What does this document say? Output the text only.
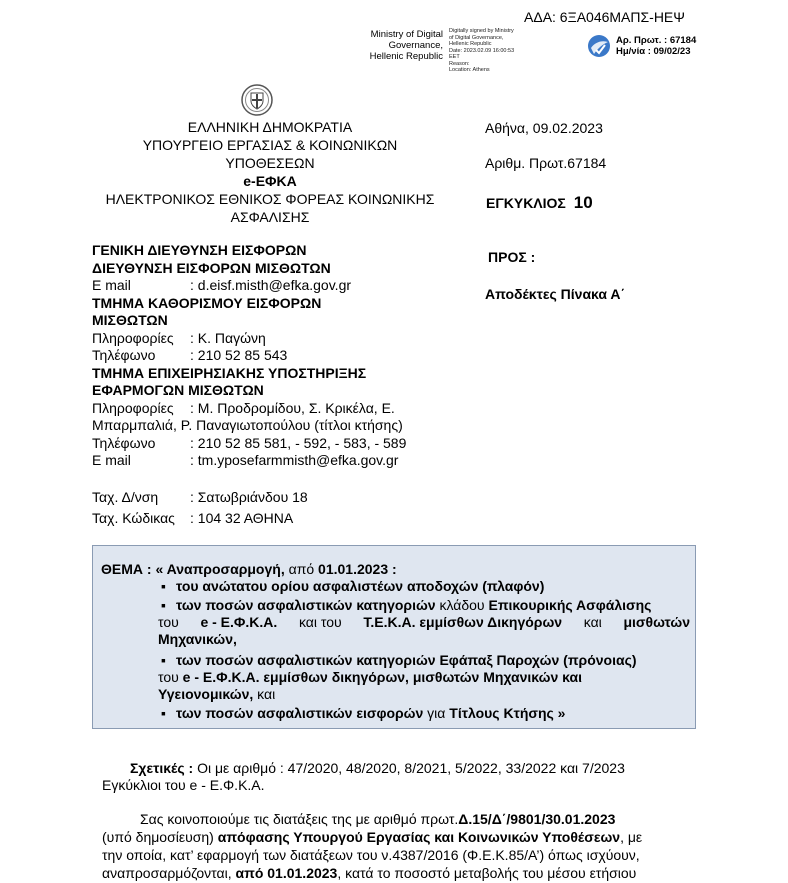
ΑΔΑ: 6ΞΑ046ΜΑΠΣ-ΗΕΨ
Ministry of Digital
Governance,
Hellenic Republic
Digitally signed by Ministry
of Digital Governance,
Hellenic Republic
Date: 2023.02.09 16:00:53
EET
Reason:
Location: Athens
Αρ. Πρωτ. : 67184
Ημ/νία : 09/02/23
ΕΛΛΗΝΙΚΗ ΔΗΜΟΚΡΑΤΙΑ
ΥΠΟΥΡΓΕΙΟ ΕΡΓΑΣΙΑΣ & ΚΟΙΝΩΝΙΚΩΝ
ΥΠΟΘΕΣΕΩΝ
e-ΕΦΚΑ
ΗΛΕΚΤΡΟΝΙΚΟΣ ΕΘΝΙΚΟΣ ΦΟΡΕΑΣ ΚΟΙΝΩΝΙΚΗΣ
ΑΣΦΑΛΙΣΗΣ
Αθήνα, 09.02.2023
Αριθμ. Πρωτ.67184
ΕΓΚΥΚΛΙΟΣ 10
ΠΡΟΣ :
Αποδέκτες Πίνακα Α΄
ΓΕΝΙΚΗ ΔΙΕΥΘΥΝΣΗ ΕΙΣΦΟΡΩΝ
ΔΙΕΥΘΥΝΣΗ ΕΙΣΦΟΡΩΝ ΜΙΣΘΩΤΩΝ
E mail	: d.eisf.misth@efka.gov.gr
ΤΜΗΜΑ ΚΑΘΟΡΙΣΜΟΥ ΕΙΣΦΟΡΩΝ
ΜΙΣΘΩΤΩΝ
Πληροφορίες : Κ. Παγώνη
Τηλέφωνο : 210 52 85 543
ΤΜΗΜΑ ΕΠΙΧΕΙΡΗΣΙΑΚΗΣ ΥΠΟΣΤΗΡΙΞΗΣ
ΕΦΑΡΜΟΓΩΝ ΜΙΣΘΩΤΩΝ
Πληροφορίες : Μ. Προδρομίδου, Σ. Κρικέλα, Ε.
Μπαρμπαλιά, Ρ. Παναγιωτοπούλου (τίτλοι κτήσης)
Τηλέφωνο : 210 52 85 581, - 592, - 583, - 589
E mail	: tm.yposefarmmisth@efka.gov.gr
Ταχ. Δ/νση : Σατωβριάνδου 18
Ταχ. Κώδικας : 104 32 ΑΘΗΝΑ
ΘΕΜΑ : « Αναπροσαρμογή, από 01.01.2023 :
▪ του ανώτατου ορίου ασφαλιστέων αποδοχών (πλαφόν)
▪ των ποσών ασφαλιστικών κατηγοριών κλάδου Επικουρικής Ασφάλισης
του e - Ε.Φ.Κ.Α. και του Τ.Ε.Κ.Α. εμμίσθων Δικηγόρων και μισθωτών
Μηχανικών,
▪ των ποσών ασφαλιστικών κατηγοριών Εφάπαξ Παροχών (πρόνοιας)
του e - Ε.Φ.Κ.Α. εμμίσθων δικηγόρων, μισθωτών Μηχανικών και
Υγειονομικών, και
▪ των ποσών ασφαλιστικών εισφορών για Τίτλους Κτήσης »
Σχετικές : Οι με αριθμό : 47/2020, 48/2020, 8/2021, 5/2022, 33/2022 και 7/2023
Εγκύκλιοι του e - Ε.Φ.Κ.Α.
Σας κοινοποιούμε τις διατάξεις της με αριθμό πρωτ.Δ.15/Δ΄/9801/30.01.2023
(υπό δημοσίευση) απόφασης Υπουργού Εργασίας και Κοινωνικών Υποθέσεων, με
την οποία, κατ’ εφαρμογή των διατάξεων του ν.4387/2016 (Φ.Ε.Κ.85/Α’) όπως ισχύουν,
αναπροσαρμόζονται, από 01.01.2023, κατά το ποσοστό μεταβολής του μέσου ετήσιου
